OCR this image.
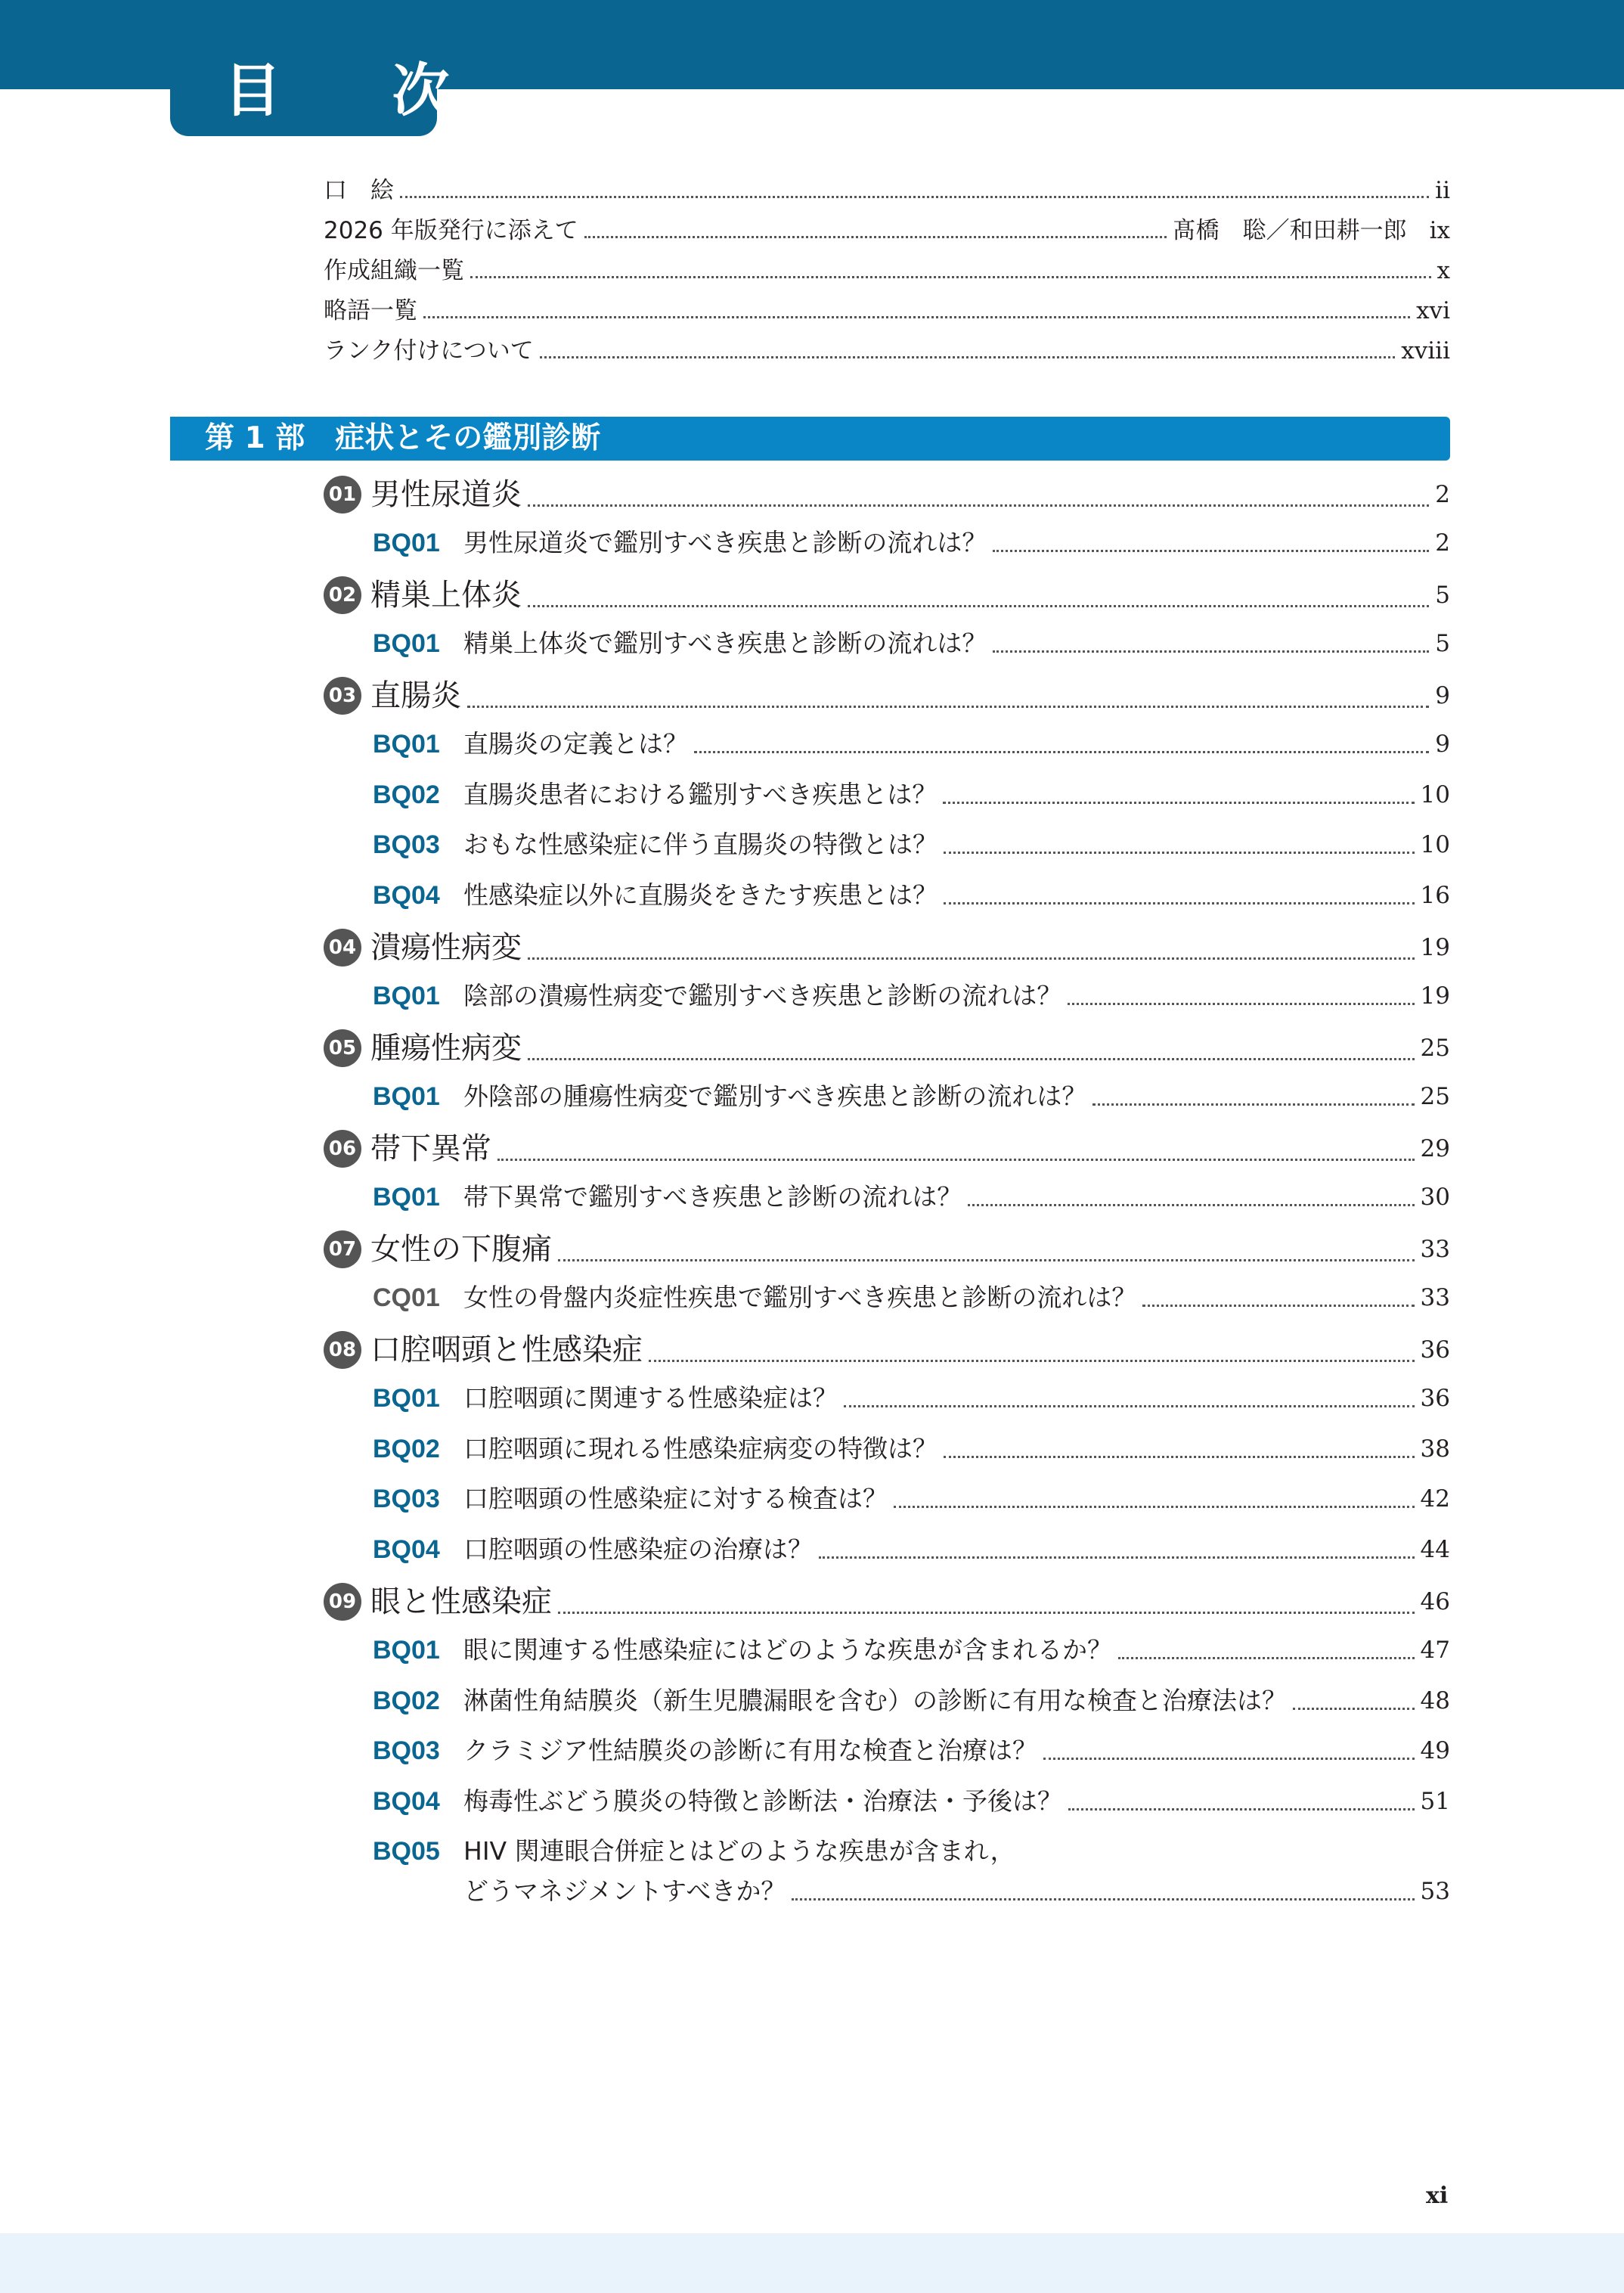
目 次
口　絵	ii
2026 年版発行に添えて	髙橋　聡／和田耕一郎 ix
作成組織一覧	x
略語一覧	xvi
ランク付けについて	xviii
第 1 部 症状とその鑑別診断
01 男性尿道炎	2
BQ01 男性尿道炎で鑑別すべき疾患と診断の流れは？	2
02 精巣上体炎	5
BQ01 精巣上体炎で鑑別すべき疾患と診断の流れは？	5
03 直腸炎	9
BQ01 直腸炎の定義とは？	9
BQ02 直腸炎患者における鑑別すべき疾患とは？	10
BQ03 おもな性感染症に伴う直腸炎の特徴とは？	10
BQ04 性感染症以外に直腸炎をきたす疾患とは？	16
04 潰瘍性病変	19
BQ01 陰部の潰瘍性病変で鑑別すべき疾患と診断の流れは？	19
05 腫瘍性病変	25
BQ01 外陰部の腫瘍性病変で鑑別すべき疾患と診断の流れは？	25
06 帯下異常	29
BQ01 帯下異常で鑑別すべき疾患と診断の流れは？	30
07 女性の下腹痛	33
CQ01 女性の骨盤内炎症性疾患で鑑別すべき疾患と診断の流れは？	33
08 口腔咽頭と性感染症	36
BQ01 口腔咽頭に関連する性感染症は？	36
BQ02 口腔咽頭に現れる性感染症病変の特徴は？	38
BQ03 口腔咽頭の性感染症に対する検査は？	42
BQ04 口腔咽頭の性感染症の治療は？	44
09 眼と性感染症	46
BQ01 眼に関連する性感染症にはどのような疾患が含まれるか？	47
BQ02 淋菌性角結膜炎（新生児膿漏眼を含む）の診断に有用な検査と治療法は？	48
BQ03 クラミジア性結膜炎の診断に有用な検査と治療は？	49
BQ04 梅毒性ぶどう膜炎の特徴と診断法・治療法・予後は？	51
BQ05 HIV 関連眼合併症とはどのような疾患が含まれ，
どうマネジメントすべきか？	53
xi
